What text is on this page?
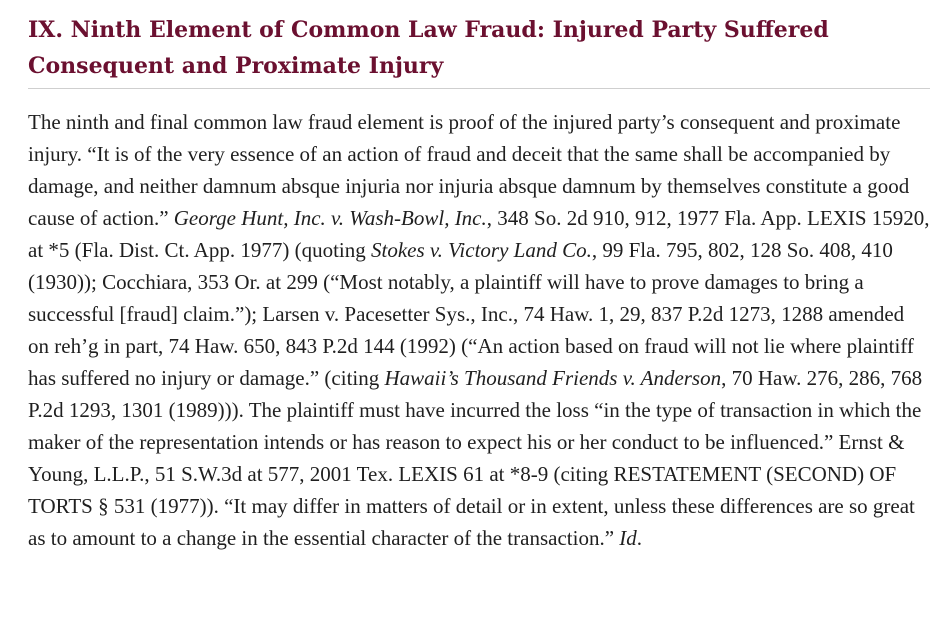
IX. Ninth Element of Common Law Fraud: Injured Party Suffered Consequent and Proximate Injury

The ninth and final common law fraud element is proof of the injured party’s consequent and proximate injury. “It is of the very essence of an action of fraud and deceit that the same shall be accompanied by damage, and neither damnum absque injuria nor injuria absque damnum by themselves constitute a good cause of action.” George Hunt, Inc. v. Wash-Bowl, Inc., 348 So. 2d 910, 912, 1977 Fla. App. LEXIS 15920, at *5 (Fla. Dist. Ct. App. 1977) (quoting Stokes v. Victory Land Co., 99 Fla. 795, 802, 128 So. 408, 410 (1930)); Cocchiara, 353 Or. at 299 (“Most notably, a plaintiff will have to prove damages to bring a successful [fraud] claim.”); Larsen v. Pacesetter Sys., Inc., 74 Haw. 1, 29, 837 P.2d 1273, 1288 amended on reh’g in part, 74 Haw. 650, 843 P.2d 144 (1992) (“An action based on fraud will not lie where plaintiff has suffered no injury or damage.” (citing Hawaii’s Thousand Friends v. Anderson, 70 Haw. 276, 286, 768 P.2d 1293, 1301 (1989))). The plaintiff must have incurred the loss “in the type of transaction in which the maker of the representation intends or has reason to expect his or her conduct to be influenced.” Ernst & Young, L.L.P., 51 S.W.3d at 577, 2001 Tex. LEXIS 61 at *8-9 (citing RESTATEMENT (SECOND) OF TORTS § 531 (1977)). “It may differ in matters of detail or in extent, unless these differences are so great as to amount to a change in the essential character of the transaction.” Id.
